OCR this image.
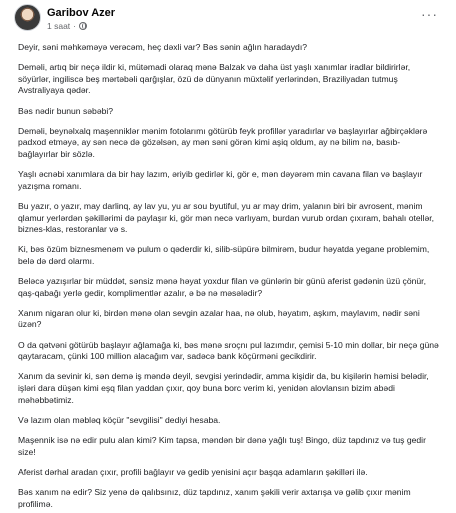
Garibov Azer
1 saat ·
···

Deyir, səni məhkəməyə verəcəm, heç dəxli var? Bəs sənin ağlın haradaydı?

Deməli, artıq bir neçə ildir ki, mütəmadi olaraq mənə Balzak və daha üst yaşlı xanımlar iradlar bildirirlər, söyürlər, ingiliscə beş mərtəbəli qarğışlar, özü də dünyanın müxtəlif yerlərindən, Braziliyadan tutmuş Avstraliyaya qədər.

Bəs nədir bunun səbəbi?

Deməli, beynəlxalq maşenniklər mənim fotolarımı götürüb feyk profillər yaradırlar və başlayırlar ağbirçəklərə padxod etməyə, ay sən necə də gözəlsən, ay mən səni görən kimi aşiq oldum, ay nə bilim nə, basıb-bağlayırlar bir sözlə.

Yaşlı əcnəbi xanımlara da bir hay lazım, əriyib gedirlər ki, gör e, mən dəyərəm min cavana filan və başlayır yazışma romanı.

Bu yazır, o yazır, may darlinq, ay lav yu, yu ar sou byutiful, yu ar may drim, yalanın biri bir avrosent, mənim qlamur yerlərdən şəkillərimi də paylaşır ki, gör mən necə varlıyam, burdan vurub ordan çıxıram, bahalı otellər, biznes-klas, restoranlar və s.

Ki, bəs özüm biznesmenəm və pulum o qəderdir ki, silib-süpürə bilmirəm, budur həyatda yegane problemim, belə də dərd olarmı.

Beləcə yazışırlar bir müddət, sənsiz mənə həyat yoxdur filan və günlərin bir günü aferist gədənin üzü çönür, qaş-qabağı yerlə gedir, komplimentlər azalır, ə bə nə məsələdir?

Xanım nigaran olur ki, birdən mənə olan sevgin azalar haa, nə olub, həyatım, aşkım, maylavım, nədir səni üzən?

O da qətvəni götürüb başlayır ağlamağa ki, bəs mənə sroçnı pul lazımdır, çemisi 5-10 min dollar, bir neçə günə qaytaracam, çünki 100 million alacağım var, sadəcə bank köçürməni gecikdirir.

Xanım da sevinir ki, sən demə iş məndə deyil, sevgisi yerindədir, amma kişidir da, bu kişilərin həmisi belədir, işləri dara düşən kimi eşq filan yaddan çıxır, qoy buna borc verim ki, yenidən alovlansın bizim abədi məhəbbətimiz.

Və lazım olan məbləq köçür "sevgilisi" dediyi hesaba.

Maşennik isə nə edir pulu alan kimi? Kim tapsa, məndən bir dənə yağlı tuş! Bingo, düz tapdınız və tuş gedir size!

Aferist dərhal aradan çıxır, profili bağlayır və gedib yenisini açır başqa adamların şəkilləri ilə.

Bəs xanım nə edir? Siz yenə də qalıbsınız, düz tapdınız, xanım şəkili verir axtarışa və gəlib çıxır mənim profilimə.
